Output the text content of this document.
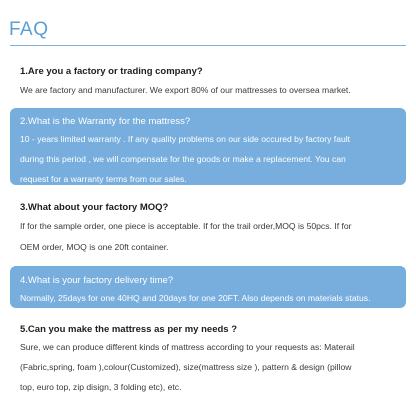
FAQ
1.Are you a factory or trading company?
We are factory and manufacturer. We export 80% of our mattresses to oversea market.
2.What is the Warranty for the mattress?
10 - years limited warranty . If any quality problems on our side occured by factory fault
during this period , we will compensate for the goods or make a replacement. You can
request for a warranty terms from our sales.
3.What about your factory MOQ?
If for the sample order, one piece is acceptable. If for the trail order,MOQ is 50pcs. If for
OEM order, MOQ is one 20ft container.
4.What is your factory delivery time?
Normally, 25days for one 40HQ and 20days for one 20FT. Also depends on materials status.
5.Can you make the mattress as per my needs ?
Sure, we can produce different kinds of mattress according to your requests as: Materail
(Fabric,spring, foam ),colour(Customized), size(mattress size ), pattern & design (pillow
top, euro top, zip disign, 3 folding etc), etc.
